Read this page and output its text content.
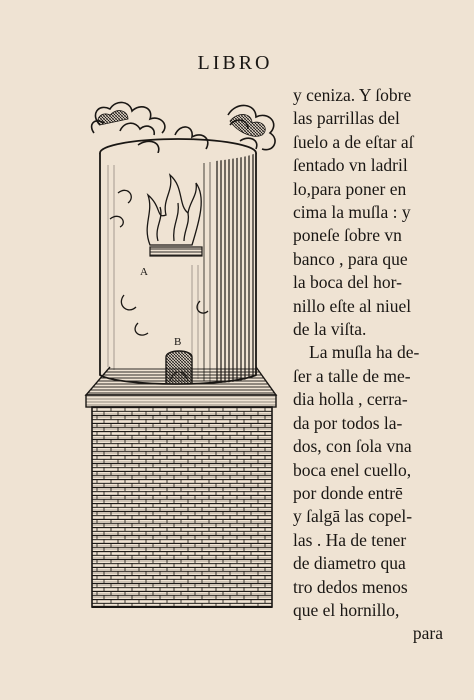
LIBRO
A
B
y ceniza. Y ſobre
las parrillas del
ſuelo a de eſtar aſ
ſentado vn ladril
lo,para poner en
cima la muſla : y
poneſe ſobre vn
banco , para que
la boca del hor-
nillo eſte al niuel
de la viſta.
La muſla ha de-
ſer a talle de me-
dia holla , cerra-
da por todos la-
dos, con ſola vna
boca enel cuello,
por donde entrē
y ſalgā las copel-
las . Ha de tener
de diametro qua
tro dedos menos
que el hornillo,
para
